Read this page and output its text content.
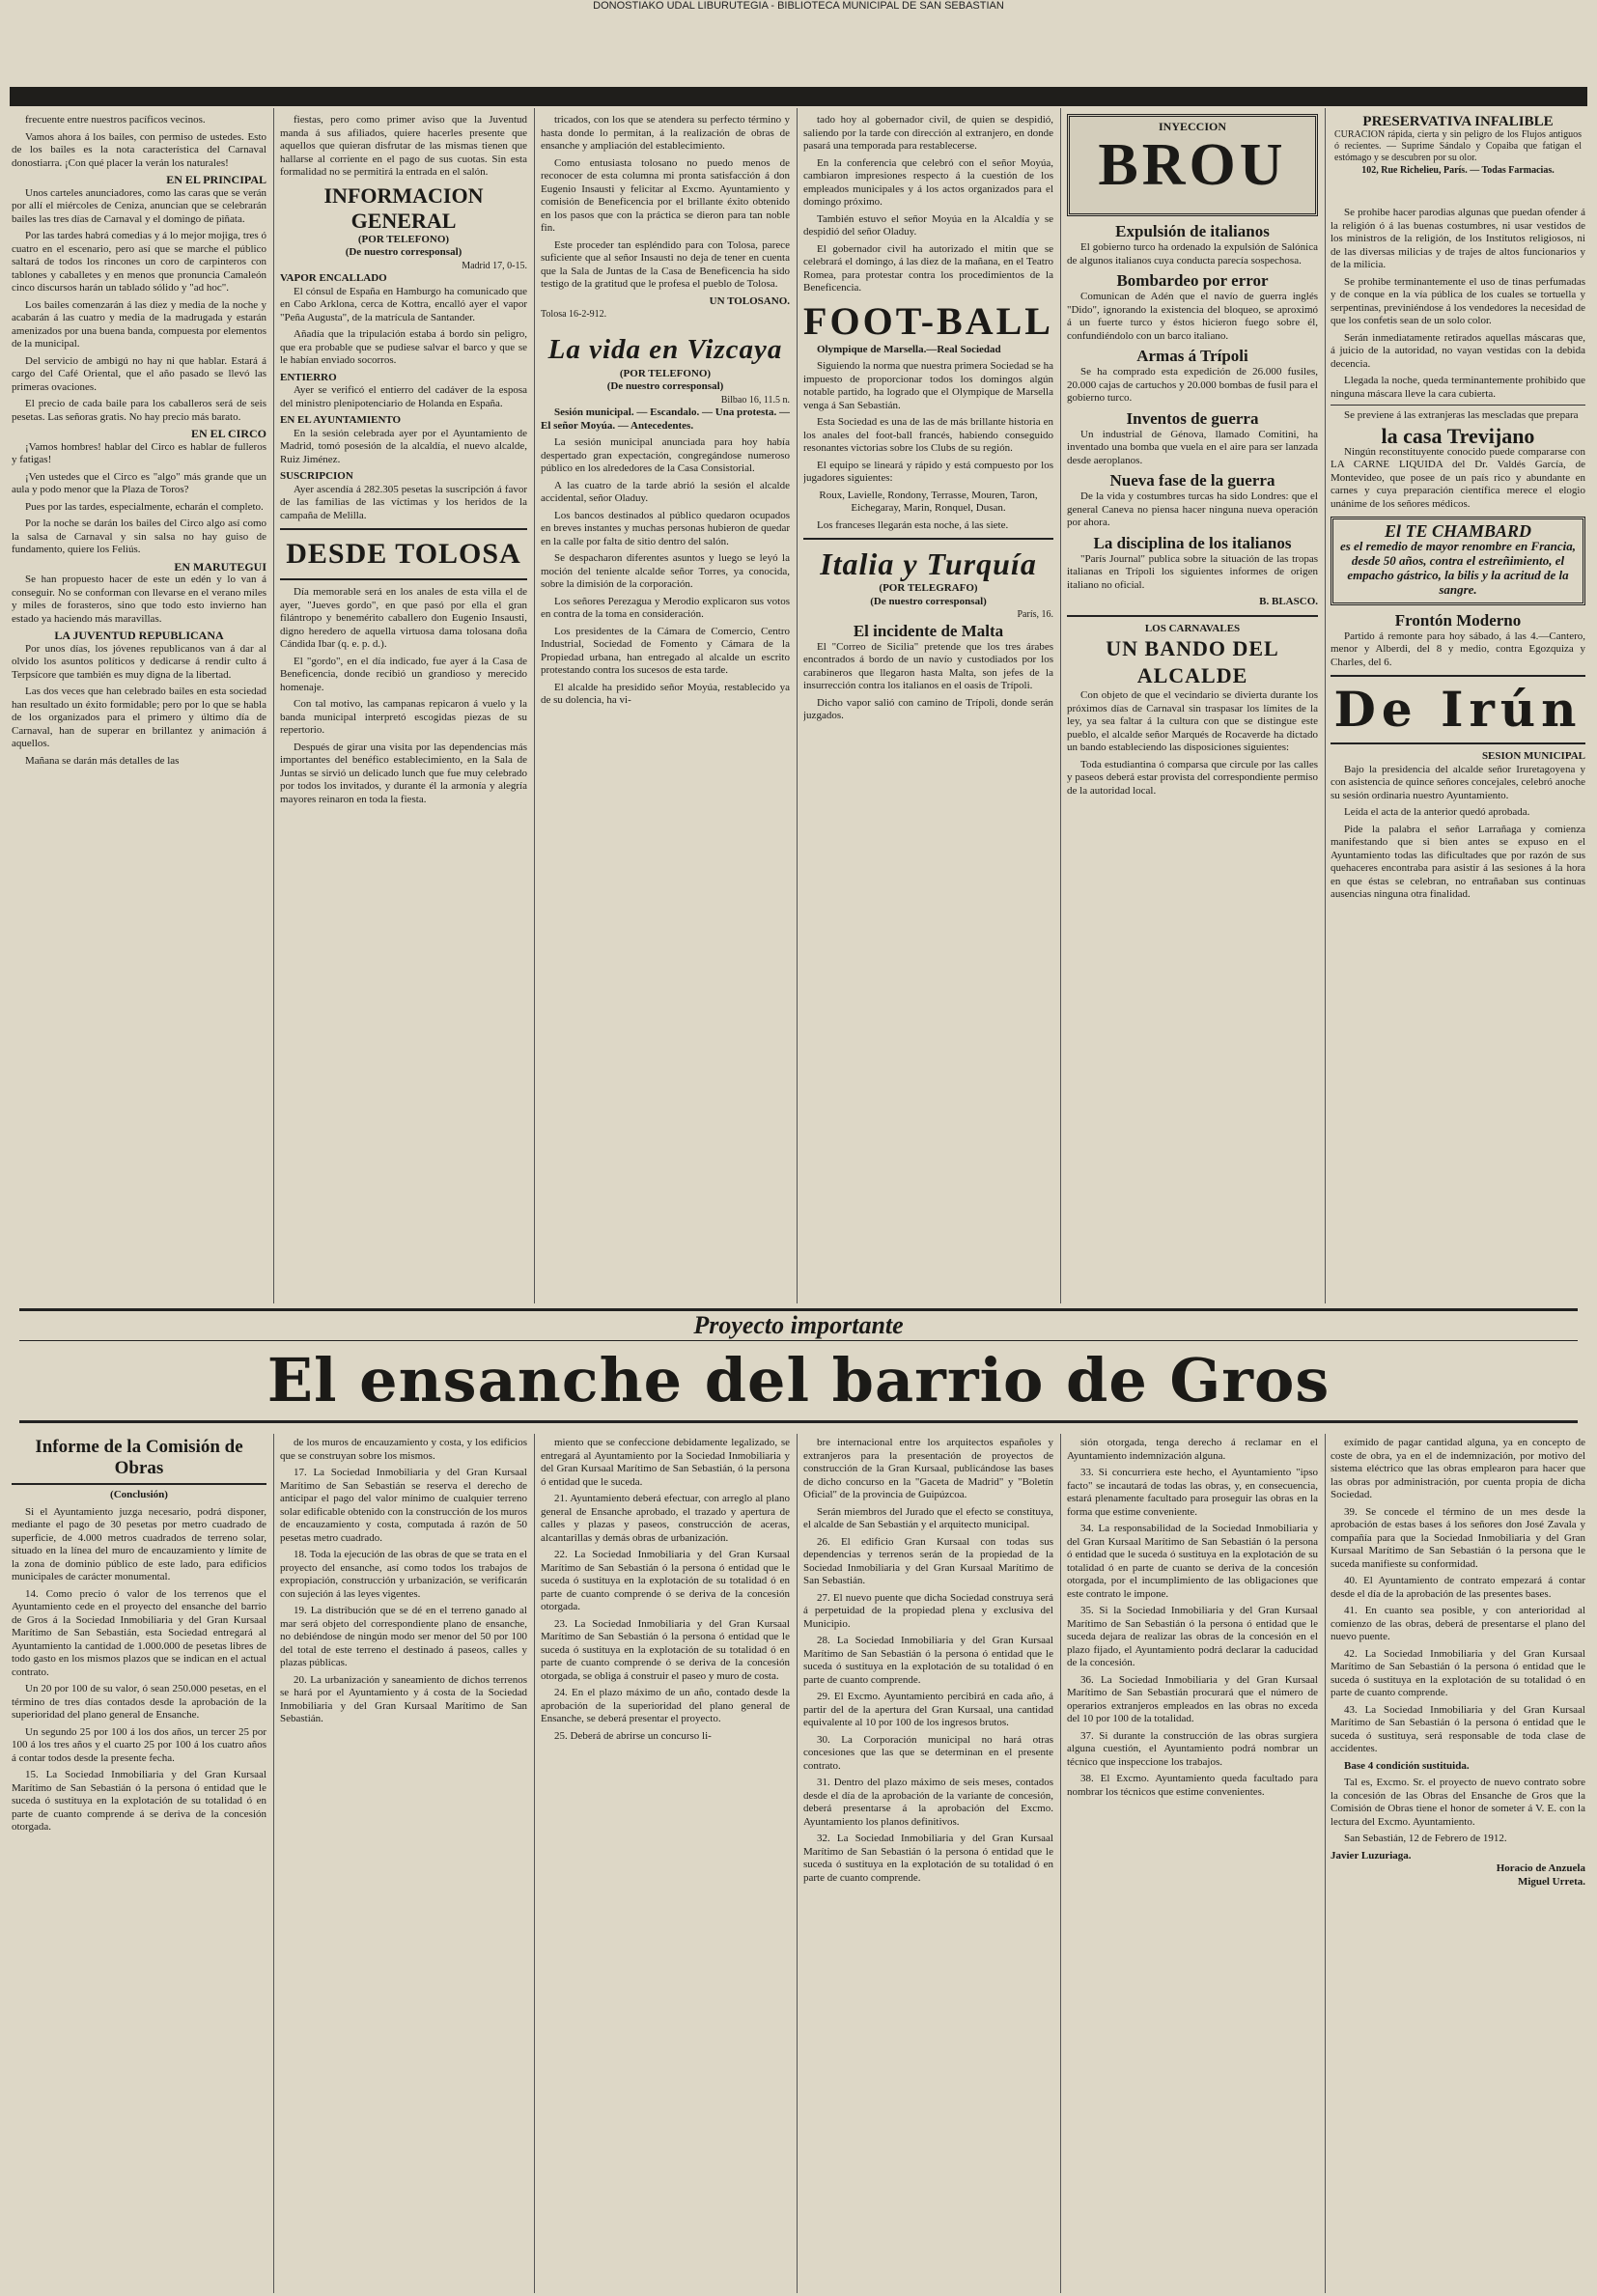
DONOSTIAKO UDAL LIBURUTEGIA - BIBLIOTECA MUNICIPAL DE SAN SEBASTIAN

frecuente entre nuestros pacíficos vecinos.

Vamos ahora á los bailes, con permiso de ustedes. Esto de los bailes es la nota característica del Carnaval donostiarra. ¡Con qué placer la verán los naturales!

EN EL PRINCIPAL

Unos carteles anunciadores, como las caras que se verán por allí el miércoles de Ceniza, anuncian que se celebrarán bailes las tres días de Carnaval y el domingo de piñata.

Por las tardes habrá comedias y á lo mejor mojiga, tres ó cuatro en el escenario, pero así que se marche el público saltará de todos los rincones un coro de carpinteros con tablones y caballetes y en menos que pronuncia Camaleón cinco discursos harán un tablado sólido y "ad hoc".

Los bailes comenzarán á las diez y media de la noche y acabarán á las cuatro y media de la madrugada y estarán amenizados por una buena banda, compuesta por elementos de la municipal.

Del servicio de ambigú no hay ni que hablar. Estará á cargo del Café Oriental, que el año pasado se llevó las primeras ovaciones.

El precio de cada baile para los caballeros será de seis pesetas. Las señoras gratis. No hay precio más barato.

EN EL CIRCO

¡Vamos hombres! hablar del Circo es hablar de fulleros y fatigas!

¡Ven ustedes que el Circo es "algo" más grande que un aula y podo menor que la Plaza de Toros?

Pues por las tardes, especialmente, echarán el completo.

Por la noche se darán los bailes del Circo algo así como la salsa de Carnaval y sin salsa no hay guiso de fundamento, quiere los Feliús.

EN MARUTEGUI

Se han propuesto hacer de este un edén y lo van á conseguir. No se conforman con llevarse en el verano miles y miles de forasteros, sino que todo esto invierno han estado ya haciendo más maravillas.

LA JUVENTUD REPUBLICANA

Por unos días, los jóvenes republicanos van á dar al olvido los asuntos políticos y dedicarse á rendir culto á Terpsícore que también es muy digna de la libertad.

Las dos veces que han celebrado bailes en esta sociedad han resultado un éxito formidable; pero por lo que se habla de los organizados para el primero y último día de Carnaval, han de superar en brillantez y animación á aquellos.

Mañana se darán más detalles de las

fiestas, pero como primer aviso que la Juventud manda á sus afiliados, quiere hacerles presente que aquellos que quieran disfrutar de las mismas tienen que hallarse al corriente en el pago de sus cuotas. Sin esta formalidad no se permitirá la entrada en el salón.

INFORMACION GENERAL
(POR TELEFONO)
(De nuestro corresponsal)
Madrid 17, 0-15.
VAPOR ENCALLADO

El cónsul de España en Hamburgo ha comunicado que en Cabo Arklona, cerca de Kottra, encalló ayer el vapor "Peña Augusta", de la matrícula de Santander.

Añadía que la tripulación estaba á bordo sin peligro, que era probable que se pudiese salvar el barco y que se le habían enviado socorros.

ENTIERRO

Ayer se verificó el entierro del cadáver de la esposa del ministro plenipotenciario de Holanda en España.

EN EL AYUNTAMIENTO

En la sesión celebrada ayer por el Ayuntamiento de Madrid, tomó posesión de la alcaldía, el nuevo alcalde, Ruiz Jiménez.

SUSCRIPCION

Ayer ascendía á 282.305 pesetas la suscripción á favor de las familias de las víctimas y los heridos de la campaña de Melilla.

DESDE TOLOSA

Día memorable será en los anales de esta villa el de ayer, "Jueves gordo", en que pasó por ella el gran filántropo y benemérito caballero don Eugenio Insausti, digno heredero de aquella virtuosa dama tolosana doña Cándida Ibar (q. e. p. d.).

El "gordo", en el día indicado, fue ayer á la Casa de Beneficencia, donde recibió un grandioso y merecido homenaje.

Con tal motivo, las campanas repicaron á vuelo y la banda municipal interpretó escogidas piezas de su repertorio.

Después de girar una visita por las dependencias más importantes del benéfico establecimiento, en la Sala de Juntas se sirvió un delicado lunch que fue muy celebrado por todos los invitados, y durante él la armonía y alegría mayores reinaron en toda la fiesta.

tricados, con los que se atendera su perfecto término y hasta donde lo permitan, á la realización de obras de ensanche y ampliación del establecimiento.

Como entusiasta tolosano no puedo menos de reconocer de esta columna mi pronta satisfacción á don Eugenio Insausti y felicitar al Excmo. Ayuntamiento y comisión de Beneficencia por el brillante éxito obtenido en los pasos que con la práctica se dieron para tan noble fin.

Este proceder tan espléndido para con Tolosa, parece suficiente que al señor Insausti no deja de tener en cuenta que la Sala de Juntas de la Casa de Beneficencia ha sido testigo de la gratitud que le profesa el pueblo de Tolosa.

UN TOLOSANO.
Tolosa 16-2-912.
La vida en Vizcaya
(POR TELEFONO)
(De nuestro corresponsal)
Bilbao 16, 11.5 n.

Sesión municipal. — Escandalo. — Una protesta. — El señor Moyúa. — Antecedentes.

La sesión municipal anunciada para hoy había despertado gran expectación, congregándose numeroso público en los alrededores de la Casa Consistorial.

A las cuatro de la tarde abrió la sesión el alcalde accidental, señor Oladuy.

Los bancos destinados al público quedaron ocupados en breves instantes y muchas personas hubieron de quedar en la calle por falta de sitio dentro del salón.

Se despacharon diferentes asuntos y luego se leyó la moción del teniente alcalde señor Torres, ya conocida, sobre la dimisión de la corporación.

Los señores Perezagua y Merodio explicaron sus votos en contra de la toma en consideración.

Los presidentes de la Cámara de Comercio, Centro Industrial, Sociedad de Fomento y Cámara de la Propiedad urbana, han entregado al alcalde un escrito protestando contra los sucesos de esta tarde.

El alcalde ha presidido señor Moyúa, restablecido ya de su dolencia, ha vi-

tado hoy al gobernador civil, de quien se despidió, saliendo por la tarde con dirección al extranjero, en donde pasará una temporada para restablecerse.

En la conferencia que celebró con el señor Moyúa, cambiaron impresiones respecto á la cuestión de los empleados municipales y á los actos organizados para el domingo próximo.

También estuvo el señor Moyúa en la Alcaldía y se despidió del señor Oladuy.

El gobernador civil ha autorizado el mitin que se celebrará el domingo, á las diez de la mañana, en el Teatro Romea, para protestar contra los procedimientos de la Beneficencia.

FOOT-BALL

Olympique de Marsella.—Real Sociedad

Siguiendo la norma que nuestra primera Sociedad se ha impuesto de proporcionar todos los domingos algún notable partido, ha logrado que el Olympique de Marsella venga á San Sebastián.

Esta Sociedad es una de las de más brillante historia en los anales del foot-ball francés, habiendo conseguido resonantes victorias sobre los Clubs de su región.

El equipo se lineará y rápido y está compuesto por los jugadores siguientes:

Roux, Lavielle, Rondony, Terrasse, Mouren, Taron, Eichegaray, Marin, Ronquel, Dusan.

Los franceses llegarán esta noche, á las siete.

Italia y Turquía
(POR TELEGRAFO)
(De nuestro corresponsal)
París, 16.
El incidente de Malta

El "Correo de Sicilia" pretende que los tres árabes encontrados á bordo de un navío y custodiados por los carabineros que llegaron hasta Malta, son jefes de la insurrección contra los italianos en el oasis de Trípoli.

Dicho vapor salió con camino de Trípoli, donde serán juzgados.

INYECCION
BROU
Expulsión de italianos

El gobierno turco ha ordenado la expulsión de Salónica de algunos italianos cuya conducta parecía sospechosa.

Bombardeo por error

Comunican de Adén que el navío de guerra inglés "Dido", ignorando la existencia del bloqueo, se aproximó á un fuerte turco y éstos hicieron fuego sobre él, confundiéndolo con un barco italiano.

Armas á Trípoli

Se ha comprado esta expedición de 26.000 fusiles, 20.000 cajas de cartuchos y 20.000 bombas de fusil para el gobierno turco.

Inventos de guerra

Un industrial de Génova, llamado Comitini, ha inventado una bomba que vuela en el aire para ser lanzada desde aeroplanos.

Nueva fase de la guerra

De la vida y costumbres turcas ha sido Londres: que el general Caneva no piensa hacer ninguna nueva operación por ahora.

La disciplina de los italianos

"París Journal" publica sobre la situación de las tropas italianas en Trípoli los siguientes informes de origen italiano no oficial.

B. BLASCO.
LOS CARNAVALES
UN BANDO DEL ALCALDE

Con objeto de que el vecindario se divierta durante los próximos días de Carnaval sin traspasar los límites de la ley, ya sea faltar á la cultura con que se distingue este pueblo, el alcalde señor Marqués de Rocaverde ha dictado un bando estableciendo las disposiciones siguientes:

Toda estudiantina ó comparsa que circule por las calles y paseos deberá estar provista del correspondiente permiso de la autoridad local.

PRESERVATIVA INFALIBLE
CURACION rápida, cierta y sin peligro de los Flujos antiguos ó recientes. — Suprime Sándalo y Copaiba que fatigan el estómago y se descubren por su olor.
102, Rue Richelieu, París. — Todas Farmacias.

Se prohibe hacer parodias algunas que puedan ofender á la religión ó á las buenas costumbres, ni usar vestidos de los ministros de la religión, de los Institutos religiosos, ni de las diversas milicias y de trajes de altos funcionarios y de la milicia.

Se prohibe terminantemente el uso de tinas perfumadas y de conque en la vía pública de los cuales se tortuella y serpentinas, previniéndose á los vendedores la necesidad de que los confetis sean de un solo color.

Serán inmediatamente retirados aquellas máscaras que, á juicio de la autoridad, no vayan vestidas con la debida decencia.

Llegada la noche, queda terminantemente prohibido que ninguna máscara lleve la cara cubierta.

Se previene á las extranjeras las mescladas que prepara

la casa Trevijano

Ningún reconstituyente conocido puede compararse con LA CARNE LIQUIDA del Dr. Valdés García, de Montevideo, que posee de un país rico y abundante en carnes y cuya preparación científica merece el elogio unánime de los señores médicos.

El TE CHAMBARD
es el remedio de mayor renombre en Francia, desde 50 años, contra el estreñimiento, el empacho gástrico, la bilis y la acritud de la sangre.
Frontón Moderno

Partido á remonte para hoy sábado, á las 4.—Cantero, menor y Alberdi, del 8 y medio, contra Egozquiza y Charles, del 6.

De Irún
SESION MUNICIPAL

Bajo la presidencia del alcalde señor Iruretagoyena y con asistencia de quince señores concejales, celebró anoche su sesión ordinaria nuestro Ayuntamiento.

Leída el acta de la anterior quedó aprobada.

Pide la palabra el señor Larrañaga y comienza manifestando que si bien antes se expuso en el Ayuntamiento todas las dificultades que por razón de sus quehaceres encontraba para asistir á las sesiones á la hora en que éstas se celebran, no entrañaban sus continuas ausencias ninguna otra finalidad.

Proyecto importante
El ensanche del barrio de Gros
Informe de la Comisión de Obras
(Conclusión)

Si el Ayuntamiento juzga necesario, podrá disponer, mediante el pago de 30 pesetas por metro cuadrado de superficie, de 4.000 metros cuadrados de terreno solar, situado en la línea del muro de encauzamiento y límite de la zona de dominio público de este lado, para edificios municipales de carácter monumental.

14. Como precio ó valor de los terrenos que el Ayuntamiento cede en el proyecto del ensanche del barrio de Gros á la Sociedad Inmobiliaria y del Gran Kursaal Marítimo de San Sebastián, esta Sociedad entregará al Ayuntamiento la cantidad de 1.000.000 de pesetas libres de todo gasto en los mismos plazos que se indican en el actual contrato.

Un 20 por 100 de su valor, ó sean 250.000 pesetas, en el término de tres días contados desde la aprobación de la superioridad del plano general de Ensanche.

Un segundo 25 por 100 á los dos años, un tercer 25 por 100 á los tres años y el cuarto 25 por 100 á los cuatro años á contar todos desde la presente fecha.

15. La Sociedad Inmobiliaria y del Gran Kursaal Marítimo de San Sebastián ó la persona ó entidad que le suceda ó sustituya en la explotación de su totalidad ó en parte de cuanto comprende á se deriva de la concesión otorgada.

de los muros de encauzamiento y costa, y los edificios que se construyan sobre los mismos.

17. La Sociedad Inmobiliaria y del Gran Kursaal Marítimo de San Sebastián se reserva el derecho de anticipar el pago del valor mínimo de cualquier terreno solar edificable obtenido con la construcción de los muros de encauzamiento y costa, computada á razón de 50 pesetas metro cuadrado.

18. Toda la ejecución de las obras de que se trata en el proyecto del ensanche, así como todos los trabajos de expropiación, construcción y urbanización, se verificarán con sujeción á las leyes vigentes.

19. La distribución que se dé en el terreno ganado al mar será objeto del correspondiente plano de ensanche, no debiéndose de ningún modo ser menor del 50 por 100 del total de este terreno el destinado á paseos, calles y plazas públicas.

20. La urbanización y saneamiento de dichos terrenos se hará por el Ayuntamiento y á costa de la Sociedad Inmobiliaria y del Gran Kursaal Marítimo de San Sebastián.

miento que se confeccione debidamente legalizado, se entregará al Ayuntamiento por la Sociedad Inmobiliaria y del Gran Kursaal Marítimo de San Sebastián, ó la persona ó entidad que le suceda.

21. Ayuntamiento deberá efectuar, con arreglo al plano general de Ensanche aprobado, el trazado y apertura de calles y plazas y paseos, construcción de aceras, alcantarillas y demás obras de urbanización.

22. La Sociedad Inmobiliaria y del Gran Kursaal Marítimo de San Sebastián ó la persona ó entidad que le suceda ó sustituya en la explotación de su totalidad ó en parte de cuanto comprende ó se deriva de la concesión otorgada.

23. La Sociedad Inmobiliaria y del Gran Kursaal Marítimo de San Sebastián ó la persona ó entidad que le suceda ó sustituya en la explotación de su totalidad ó en parte de cuanto comprende ó se deriva de la concesión otorgada, se obliga á construir el paseo y muro de costa.

24. En el plazo máximo de un año, contado desde la aprobación de la superioridad del plano general de Ensanche, se deberá presentar el proyecto.

25. Deberá de abrirse un concurso li-

bre internacional entre los arquitectos españoles y extranjeros para la presentación de proyectos de construcción de la Gran Kursaal, publicándose las bases de dicho concurso en la "Gaceta de Madrid" y "Boletín Oficial" de la provincia de Guipúzcoa.

Serán miembros del Jurado que el efecto se constituya, el alcalde de San Sebastián y el arquitecto municipal.

26. El edificio Gran Kursaal con todas sus dependencias y terrenos serán de la propiedad de la Sociedad Inmobiliaria y del Gran Kursaal Marítimo de San Sebastián.

27. El nuevo puente que dicha Sociedad construya será á perpetuidad de la propiedad plena y exclusiva del Municipio.

28. La Sociedad Inmobiliaria y del Gran Kursaal Marítimo de San Sebastián ó la persona ó entidad que le suceda ó sustituya en la explotación de su totalidad ó en parte de cuanto comprende.

29. El Excmo. Ayuntamiento percibirá en cada año, á partir del de la apertura del Gran Kursaal, una cantidad equivalente al 10 por 100 de los ingresos brutos.

30. La Corporación municipal no hará otras concesiones que las que se determinan en el presente contrato.

31. Dentro del plazo máximo de seis meses, contados desde el día de la aprobación de la variante de concesión, deberá presentarse á la aprobación del Excmo. Ayuntamiento los planos definitivos.

32. La Sociedad Inmobiliaria y del Gran Kursaal Marítimo de San Sebastián ó la persona ó entidad que le suceda ó sustituya en la explotación de su totalidad ó en parte de cuanto comprende.

sión otorgada, tenga derecho á reclamar en el Ayuntamiento indemnización alguna.

33. Si concurriera este hecho, el Ayuntamiento "ipso facto" se incautará de todas las obras, y, en consecuencia, estará plenamente facultado para proseguir las obras en la forma que estime conveniente.

34. La responsabilidad de la Sociedad Inmobiliaria y del Gran Kursaal Marítimo de San Sebastián ó la persona ó entidad que le suceda ó sustituya en la explotación de su totalidad ó en parte de cuanto se deriva de la concesión otorgada, por el incumplimiento de las obligaciones que este contrato le impone.

35. Si la Sociedad Inmobiliaria y del Gran Kursaal Marítimo de San Sebastián ó la persona ó entidad que le suceda dejara de realizar las obras de la concesión en el plazo fijado, el Ayuntamiento podrá declarar la caducidad de la concesión.

36. La Sociedad Inmobiliaria y del Gran Kursaal Marítimo de San Sebastián procurará que el número de operarios extranjeros empleados en las obras no exceda del 10 por 100 de la totalidad.

37. Si durante la construcción de las obras surgiera alguna cuestión, el Ayuntamiento podrá nombrar un técnico que inspeccione los trabajos.

38. El Excmo. Ayuntamiento queda facultado para nombrar los técnicos que estime convenientes.

exímido de pagar cantidad alguna, ya en concepto de coste de obra, ya en el de indemnización, por motivo del sistema eléctrico que las obras emplearon para hacer que las obras por administración, por cuenta propia de dicha Sociedad.

39. Se concede el término de un mes desde la aprobación de estas bases á los señores don José Zavala y compañía para que la Sociedad Inmobiliaria y del Gran Kursaal Marítimo de San Sebastián ó la persona que le suceda manifieste su conformidad.

40. El Ayuntamiento de contrato empezará á contar desde el día de la aprobación de las presentes bases.

41. En cuanto sea posible, y con anterioridad al comienzo de las obras, deberá de presentarse el plano del nuevo puente.

42. La Sociedad Inmobiliaria y del Gran Kursaal Marítimo de San Sebastián ó la persona ó entidad que le suceda ó sustituya en la explotación de su totalidad ó en parte de cuanto comprende.

43. La Sociedad Inmobiliaria y del Gran Kursaal Marítimo de San Sebastián ó la persona ó entidad que le suceda ó sustituya, será responsable de toda clase de accidentes.

Base 4 condición sustituida.

Tal es, Excmo. Sr. el proyecto de nuevo contrato sobre la concesión de las Obras del Ensanche de Gros que la Comisión de Obras tiene el honor de someter á V. E. con la lectura del Excmo. Ayuntamiento.

San Sebastián, 12 de Febrero de 1912.

Javier Luzuriaga.
Horacio de Anzuela
Miguel Urreta.
